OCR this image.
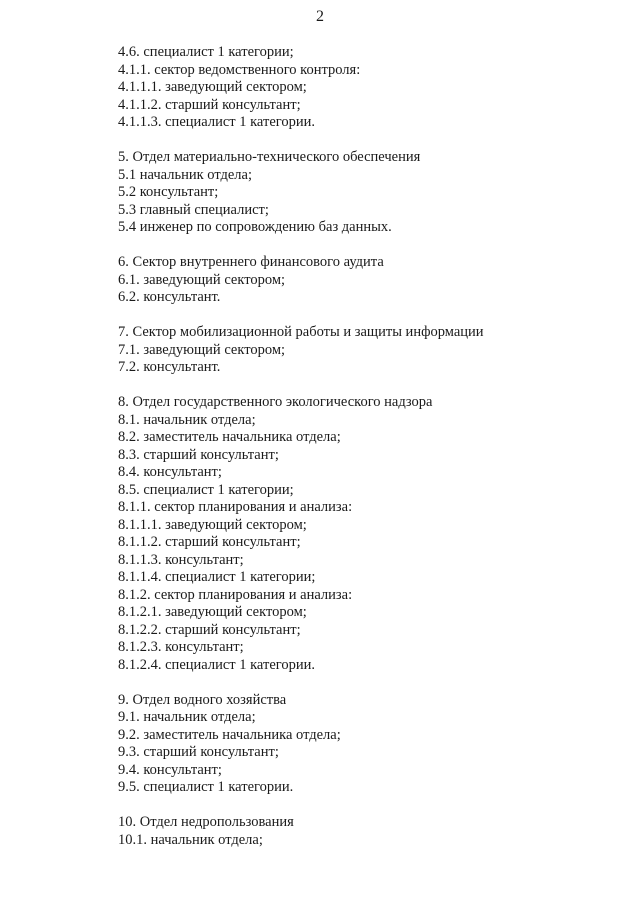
2
4.6. специалист 1 категории;
4.1.1. сектор ведомственного контроля:
4.1.1.1. заведующий сектором;
4.1.1.2. старший консультант;
4.1.1.3. специалист 1 категории.
5. Отдел материально-технического обеспечения
5.1 начальник отдела;
5.2 консультант;
5.3 главный специалист;
5.4 инженер по сопровождению баз данных.
6. Сектор внутреннего финансового аудита
6.1. заведующий сектором;
6.2. консультант.
7. Сектор мобилизационной работы и защиты информации
7.1. заведующий сектором;
7.2. консультант.
8. Отдел государственного экологического надзора
8.1. начальник отдела;
8.2. заместитель начальника отдела;
8.3. старший консультант;
8.4. консультант;
8.5. специалист 1 категории;
8.1.1. сектор планирования и анализа:
8.1.1.1. заведующий сектором;
8.1.1.2. старший консультант;
8.1.1.3. консультант;
8.1.1.4. специалист 1 категории;
8.1.2. сектор планирования и анализа:
8.1.2.1. заведующий сектором;
8.1.2.2. старший консультант;
8.1.2.3. консультант;
8.1.2.4. специалист 1 категории.
9. Отдел водного хозяйства
9.1. начальник отдела;
9.2. заместитель начальника отдела;
9.3. старший консультант;
9.4. консультант;
9.5. специалист 1 категории.
10. Отдел недропользования
10.1. начальник отдела;
